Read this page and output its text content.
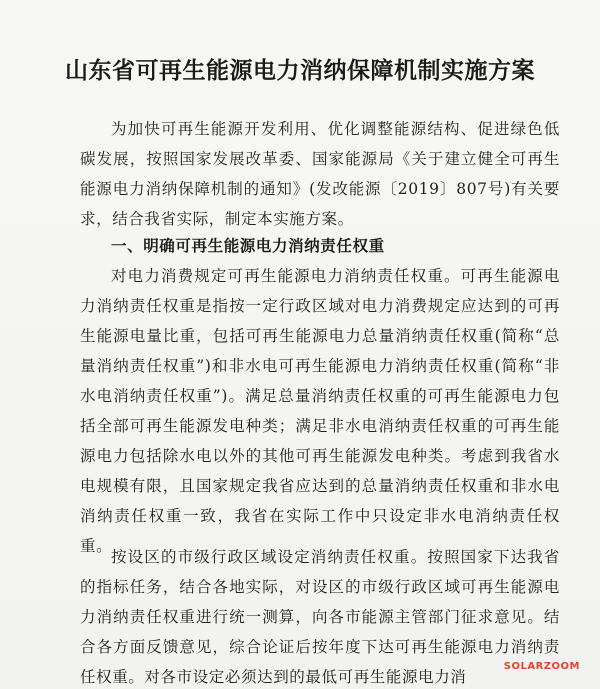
山东省可再生能源电力消纳保障机制实施方案

为加快可再生能源开发利用、优化调整能源结构、促进绿色低碳发展，按照国家发展改革委、国家能源局《关于建立健全可再生能源电力消纳保障机制的通知》(发改能源〔2019〕807号)有关要求，结合我省实际，制定本实施方案。

一、明确可再生能源电力消纳责任权重

对电力消费规定可再生能源电力消纳责任权重。可再生能源电力消纳责任权重是指按一定行政区域对电力消费规定应达到的可再生能源电量比重，包括可再生能源电力总量消纳责任权重(简称“总量消纳责任权重”)和非水电可再生能源电力消纳责任权重(简称“非水电消纳责任权重”)。满足总量消纳责任权重的可再生能源电力包括全部可再生能源发电种类；满足非水电消纳责任权重的可再生能源电力包括除水电以外的其他可再生能源发电种类。考虑到我省水电规模有限，且国家规定我省应达到的总量消纳责任权重和非水电消纳责任权重一致，我省在实际工作中只设定非水电消纳责任权重。

按设区的市级行政区域设定消纳责任权重。按照国家下达我省的指标任务，结合各地实际，对设区的市级行政区域可再生能源电力消纳责任权重进行统一测算，向各市能源主管部门征求意见。结合各方面反馈意见，综合论证后按年度下达可再生能源电力消纳责任权重。对各市设定必须达到的最低可再生能源电力消

SOLARZOOM
